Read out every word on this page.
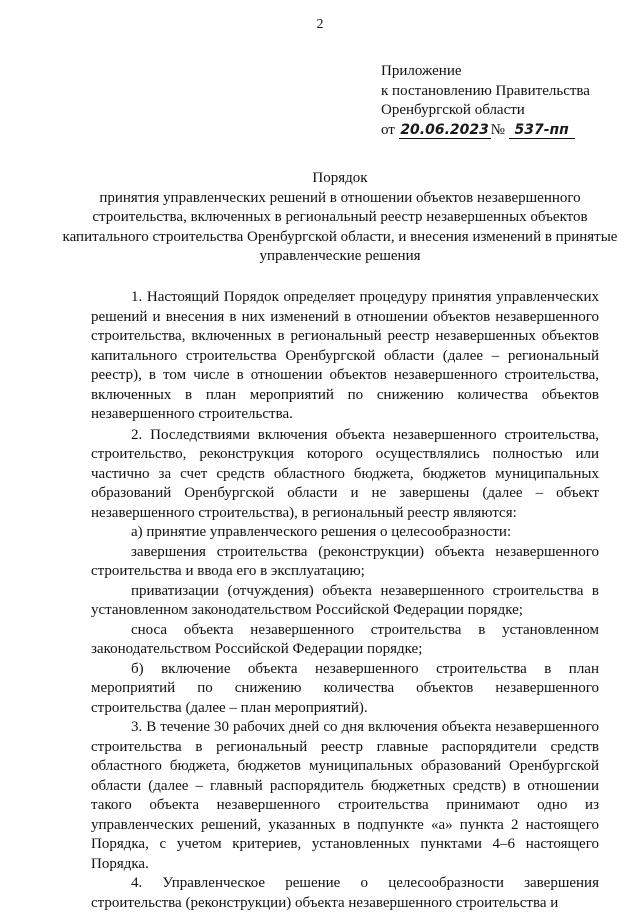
2
Приложение
к постановлению Правительства
Оренбургской области
от 20.06.2023 № 537-пп
Порядок
принятия управленческих решений в отношении объектов незавершенного строительства, включенных в региональный реестр незавершенных объектов капитального строительства Оренбургской области, и внесения изменений в принятые управленческие решения

1. Настоящий Порядок определяет процедуру принятия управленческих решений и внесения в них изменений в отношении объектов незавершенного строительства, включенных в региональный реестр незавершенных объектов капитального строительства Оренбургской области (далее – региональный реестр), в том числе в отношении объектов незавершенного строительства, включенных в план мероприятий по снижению количества объектов незавершенного строительства.

2. Последствиями включения объекта незавершенного строительства, строительство, реконструкция которого осуществлялись полностью или частично за счет средств областного бюджета, бюджетов муниципальных образований Оренбургской области и не завершены (далее – объект незавершенного строительства), в региональный реестр являются:

а) принятие управленческого решения о целесообразности:

завершения строительства (реконструкции) объекта незавершенного строительства и ввода его в эксплуатацию;

приватизации (отчуждения) объекта незавершенного строительства в установленном законодательством Российской Федерации порядке;

сноса объекта незавершенного строительства в установленном законодательством Российской Федерации порядке;

б) включение объекта незавершенного строительства в план мероприятий по снижению количества объектов незавершенного строительства (далее – план мероприятий).

3. В течение 30 рабочих дней со дня включения объекта незавершенного строительства в региональный реестр главные распорядители средств областного бюджета, бюджетов муниципальных образований Оренбургской области (далее – главный распорядитель бюджетных средств) в отношении такого объекта незавершенного строительства принимают одно из управленческих решений, указанных в подпункте «а» пункта 2 настоящего Порядка, с учетом критериев, установленных пунктами 4–6 настоящего Порядка.

4. Управленческое решение о целесообразности завершения строительства (реконструкции) объекта незавершенного строительства и
